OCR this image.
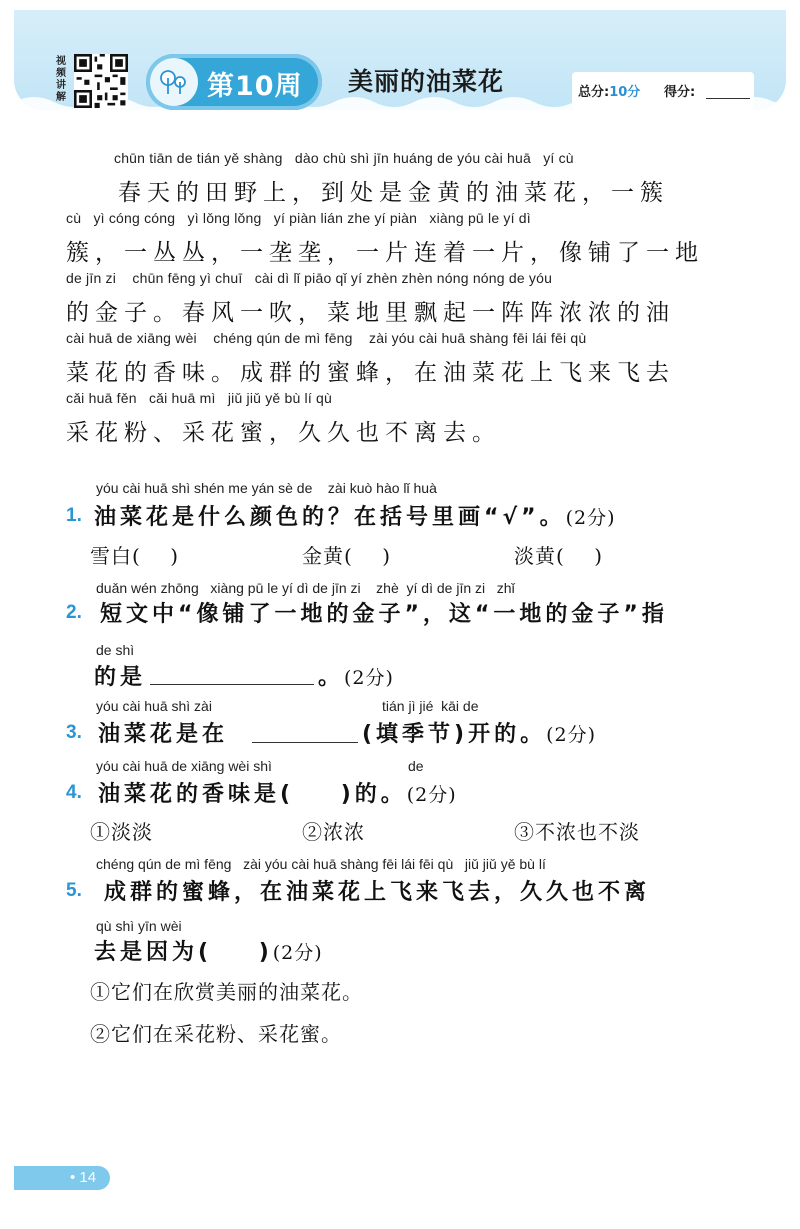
视频讲解	第10周	美丽的油菜花	总分:10分 得分:
chūn tiān de tián yě shàng   dào chù shì jīn huáng de yóu cài huā   yí cù
春天的田野上，到处是金黄的油菜花，一簇
cù   yì cóng cóng   yì lǒng lǒng   yí piàn lián zhe yí piàn   xiàng pū le yí dì
簇，一丛丛，一垄垄，一片连着一片，像铺了一地
de jīn zi    chūn fēng yì chuī   cài dì lǐ piāo qǐ yí zhèn zhèn nóng nóng de yóu
的金子。春风一吹，菜地里飘起一阵阵浓浓的油
cài huā de xiāng wèi    chéng qún de mì fēng    zài yóu cài huā shàng fēi lái fēi qù
菜花的香味。成群的蜜蜂，在油菜花上飞来飞去
cǎi huā fěn   cǎi huā mì   jiǔ jiǔ yě bù lí qù
采花粉、采花蜜，久久也不离去。
yóu cài huā shì shén me yán sè de    zài kuò hào lǐ huà
1. 油菜花是什么颜色的？在括号里画“√”。(2分)
雪白(    )	金黄(    )	淡黄(    )
duǎn wén zhōng   xiàng pū le yí dì de jīn zi    zhè  yí dì de jīn zi   zhǐ
2. 短文中“像铺了一地的金子”，这“一地的金子”指
de shì
的是	。(2分)
yóu cài huā shì zài	tián jì jié  kāi de
3. 油菜花是在	(填季节)开的。(2分)
yóu cài huā de xiāng wèi shì	de
4. 油菜花的香味是(    )的。(2分)
①淡淡	②浓浓	③不浓也不淡
chéng qún de mì fēng   zài yóu cài huā shàng fēi lái fēi qù   jiǔ jiǔ yě bù lí
5. 成群的蜜蜂，在油菜花上飞来飞去，久久也不离
qù shì yīn wèi
去是因为(    )(2分)
①它们在欣赏美丽的油菜花。
②它们在采花粉、采花蜜。
• 14
